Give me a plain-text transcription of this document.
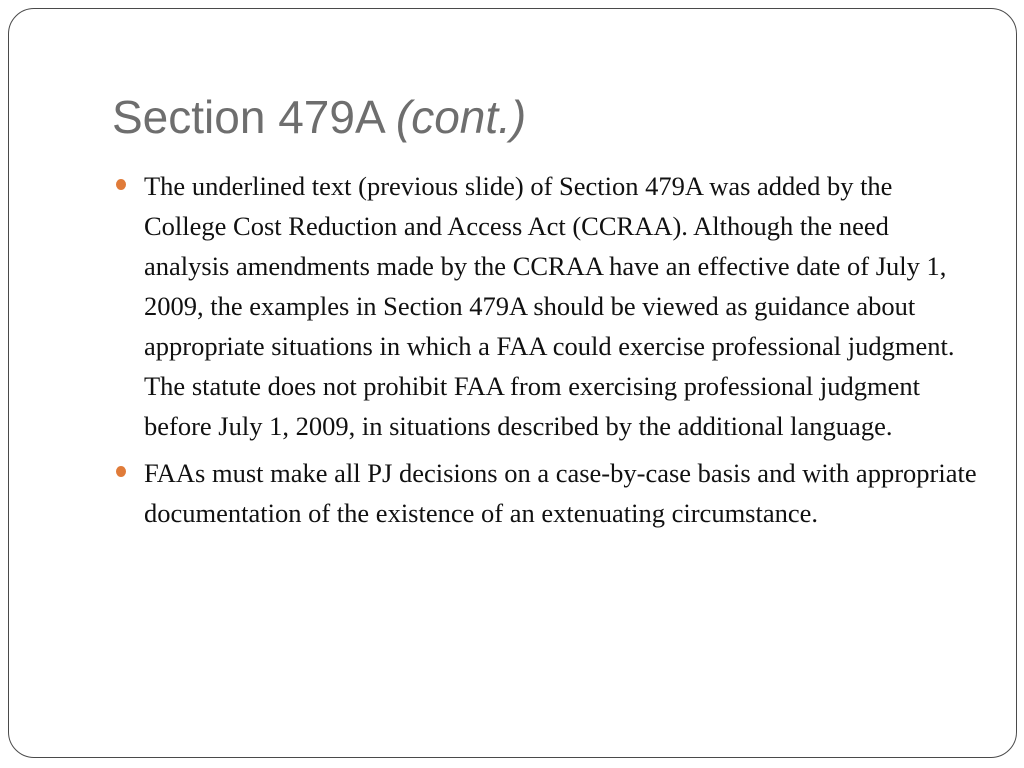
Section 479A (cont.)
The underlined text (previous slide) of Section 479A was added by the College Cost Reduction and Access Act (CCRAA). Although the need analysis amendments made by the CCRAA have an effective date of July 1, 2009, the examples in Section 479A should be viewed as guidance about appropriate situations in which a FAA could exercise professional judgment. The statute does not prohibit FAA from exercising professional judgment before July 1, 2009, in situations described by the additional language.
FAAs must make all PJ decisions on a case-by-case basis and with appropriate documentation of the existence of an extenuating circumstance.
